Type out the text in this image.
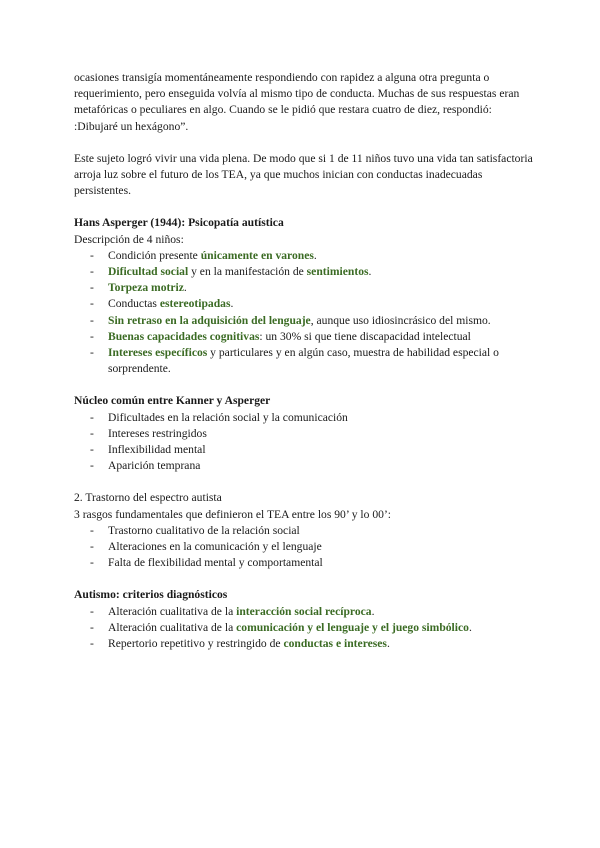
ocasiones transigía momentáneamente respondiendo con rapidez a alguna otra pregunta o requerimiento, pero enseguida volvía al mismo tipo de conducta. Muchas de sus respuestas eran metafóricas o peculiares en algo. Cuando se le pidió que restara cuatro de diez, respondió: :Dibujaré un hexágono”.

Este sujeto logró vivir una vida plena. De modo que si 1 de 11 niños tuvo una vida tan satisfactoria arroja luz sobre el futuro de los TEA, ya que muchos inician con conductas inadecuadas persistentes.

Hans Asperger (1944): Psicopatía autística

Descripción de 4 niños:

- Condición presente únicamente en varones.
- Dificultad social y en la manifestación de sentimientos.
- Torpeza motriz.
- Conductas estereotipadas.
- Sin retraso en la adquisición del lenguaje, aunque uso idiosincrásico del mismo.
- Buenas capacidades cognitivas: un 30% si que tiene discapacidad intelectual
- Intereses específicos y particulares y en algún caso, muestra de habilidad especial o sorprendente.

Núcleo común entre Kanner y Asperger

- Dificultades en la relación social y la comunicación
- Intereses restringidos
- Inflexibilidad mental
- Aparición temprana

2. Trastorno del espectro autista

3 rasgos fundamentales que definieron el TEA entre los 90’ y lo 00’:

- Trastorno cualitativo de la relación social
- Alteraciones en la comunicación y el lenguaje
- Falta de flexibilidad mental y comportamental

Autismo: criterios diagnósticos

- Alteración cualitativa de la interacción social recíproca.
- Alteración cualitativa de la comunicación y el lenguaje y el juego simbólico.
- Repertorio repetitivo y restringido de conductas e intereses.
